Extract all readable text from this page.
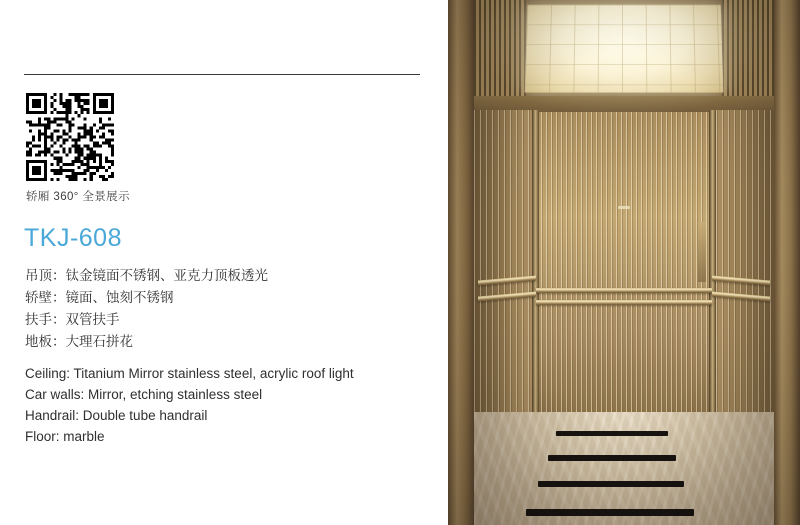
轿厢 360° 全景展示
TKJ-608
吊顶：钛金镜面不锈钢、亚克力顶板透光
轿壁：镜面、蚀刻不锈钢
扶手：双管扶手
地板：大理石拼花
Ceiling: Titanium Mirror stainless steel, acrylic roof light
Car walls: Mirror, etching stainless steel
Handrail: Double tube handrail
Floor: marble
